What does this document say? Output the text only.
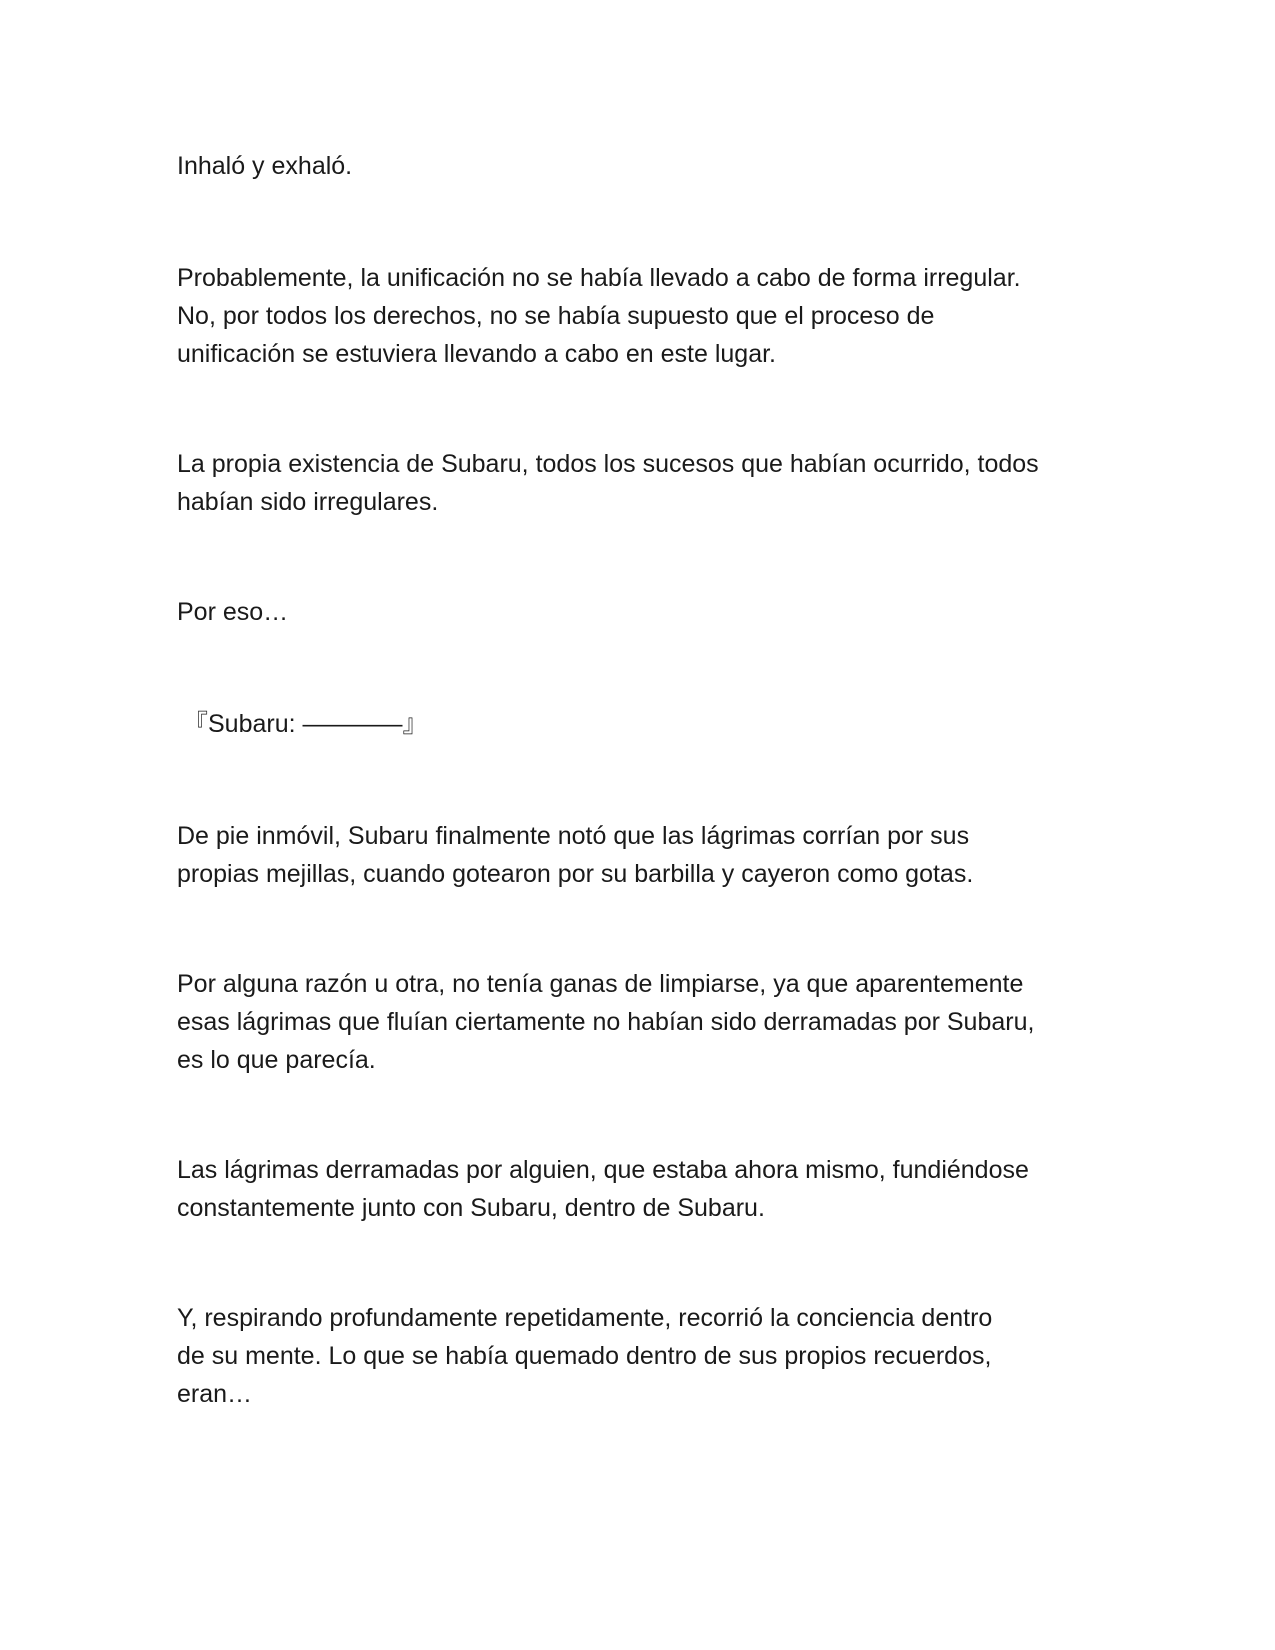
Inhaló y exhaló.

Probablemente, la unificación no se había llevado a cabo de forma irregular.
No, por todos los derechos, no se había supuesto que el proceso de
unificación se estuviera llevando a cabo en este lugar.

La propia existencia de Subaru, todos los sucesos que habían ocurrido, todos
habían sido irregulares.

Por eso…

『Subaru: ————』

De pie inmóvil, Subaru finalmente notó que las lágrimas corrían por sus
propias mejillas, cuando gotearon por su barbilla y cayeron como gotas.

Por alguna razón u otra, no tenía ganas de limpiarse, ya que aparentemente
esas lágrimas que fluían ciertamente no habían sido derramadas por Subaru,
es lo que parecía.

Las lágrimas derramadas por alguien, que estaba ahora mismo, fundiéndose
constantemente junto con Subaru, dentro de Subaru.

Y, respirando profundamente repetidamente, recorrió la conciencia dentro
de su mente. Lo que se había quemado dentro de sus propios recuerdos,
eran…
